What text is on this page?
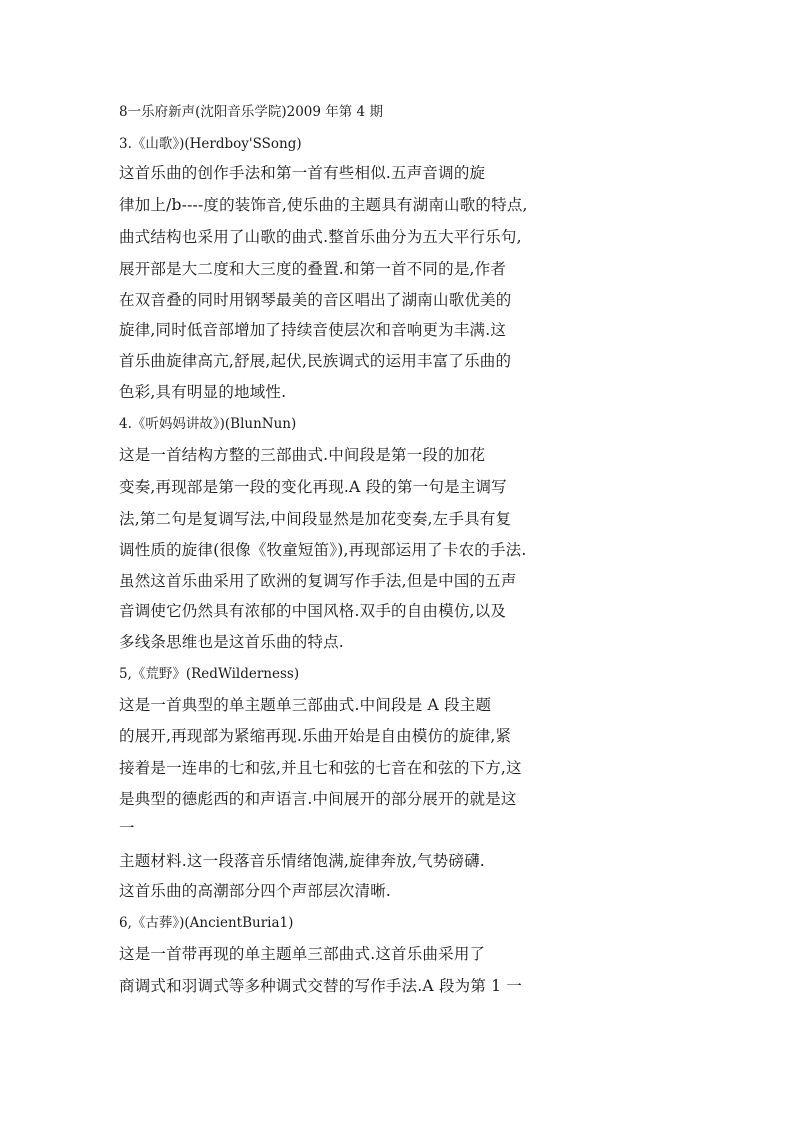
8一乐府新声(沈阳音乐学院)2009 年第 4 期
3.《山歌》)(Herdboy'SSong)
这首乐曲的创作手法和第一首有些相似.五声音调的旋
律加上/b----度的装饰音,使乐曲的主题具有湖南山歌的特点,
曲式结构也采用了山歌的曲式.整首乐曲分为五大平行乐句,
展开部是大二度和大三度的叠置.和第一首不同的是,作者
在双音叠的同时用钢琴最美的音区唱出了湖南山歌优美的
旋律,同时低音部增加了持续音使层次和音响更为丰满.这
首乐曲旋律高亢,舒展,起伏,民族调式的运用丰富了乐曲的
色彩,具有明显的地域性.
4.《听妈妈讲故》)(BlunNun)
这是一首结构方整的三部曲式.中间段是第一段的加花
变奏,再现部是第一段的变化再现.A 段的第一句是主调写
法,第二句是复调写法,中间段显然是加花变奏,左手具有复
调性质的旋律(很像《牧童短笛》),再现部运用了卡农的手法.
虽然这首乐曲采用了欧洲的复调写作手法,但是中国的五声
音调使它仍然具有浓郁的中国风格.双手的自由模仿,以及
多线条思维也是这首乐曲的特点.
5,《荒野》(RedWilderness)
这是一首典型的单主题单三部曲式.中间段是 A 段主题
的展开,再现部为紧缩再现.乐曲开始是自由模仿的旋律,紧
接着是一连串的七和弦,并且七和弦的七音在和弦的下方,这
是典型的德彪西的和声语言.中间展开的部分展开的就是这
一
主题材料.这一段落音乐情绪饱满,旋律奔放,气势磅礴.
这首乐曲的高潮部分四个声部层次清晰.
6,《古葬》)(AncientBuria1)
这是一首带再现的单主题单三部曲式.这首乐曲采用了
商调式和羽调式等多种调式交替的写作手法.A 段为第 1 一
